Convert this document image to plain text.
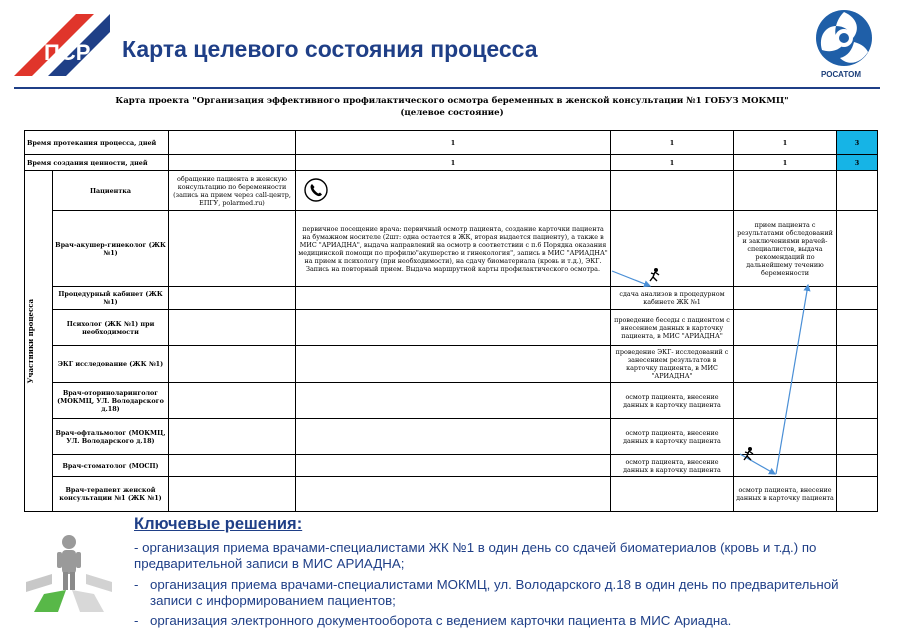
ПСР Карта целевого состояния процесса
РОСАТОМ
Карта проекта "Организация эффективного профилактического осмотра беременных в женской консультации №1 ГОБУЗ МОКМЦ"
(целевое состояние)
Время протекания процесса, дней			1	1	1	3
Время создания ценности, дней			1	1	1	3

Участники процесса	Пациентка	обращение пациента в женскую консультацию по беременности (запись на прием через call-центр, ЕПГУ, polarmed.ru)				
	Врач-акушер-гинеколог (ЖК №1)		первичное посещение врача: первичный осмотр пациента, создание карточки пациента на бумажном носителе (2шт: одна остается в ЖК, вторая выдается пациенту), а также в МИС "АРИАДНА", выдача направлений на осмотр в соответствии с п.6 Порядка оказания медицинской помощи по профилю"акушерство и гинекология", запись в МИС "АРИАДНА" на прием к психологу (при необходимости), на сдачу биоматериала (кровь и т.д.), ЭКГ. Запись на повторный прием. Выдача маршрутной карты профилактического осмотра.		прием пациента с результатами обследований и заключениями врачей-специалистов, выдача рекомендаций по дальнейшему течению беременности	
	Процедурный кабинет (ЖК №1)			сдача анализов в процедурном кабинете ЖК №1		
	Психолог (ЖК №1) при необходимости			проведение беседы с пациентом с внесением данных в карточку пациента, в МИС "АРИАДНА"		
	ЭКГ исследование (ЖК №1)			проведение ЭКГ- исследований с занесением результатов в карточку пациента, в МИС "АРИАДНА"		
	Врач-оториноларинголог (МОКМЦ, УЛ. Володарского д.18)			осмотр пациента, внесение данных в карточку пациента		
	Врач-офтальмолог (МОКМЦ, УЛ. Володарского д.18)			осмотр пациента, внесение данных в карточку пациента		
	Врач-стоматолог (МОСП)			осмотр пациента, внесение данных в карточку пациента		
	Врач-терапевт женской консультации №1 (ЖК №1)				осмотр пациента, внесение данных в карточку пациента	
Ключевые решения:
- организация приема врачами-специалистами ЖК №1 в один день со сдачей биоматериалов (кровь и т.д.) по предварительной записи в МИС АРИАДНА;
- организация приема врачами-специалистами МОКМЦ, ул. Володарского д.18 в один день по предварительной записи с информированием пациентов;
- организация электронного документооборота с ведением карточки пациента в МИС Ариадна.
